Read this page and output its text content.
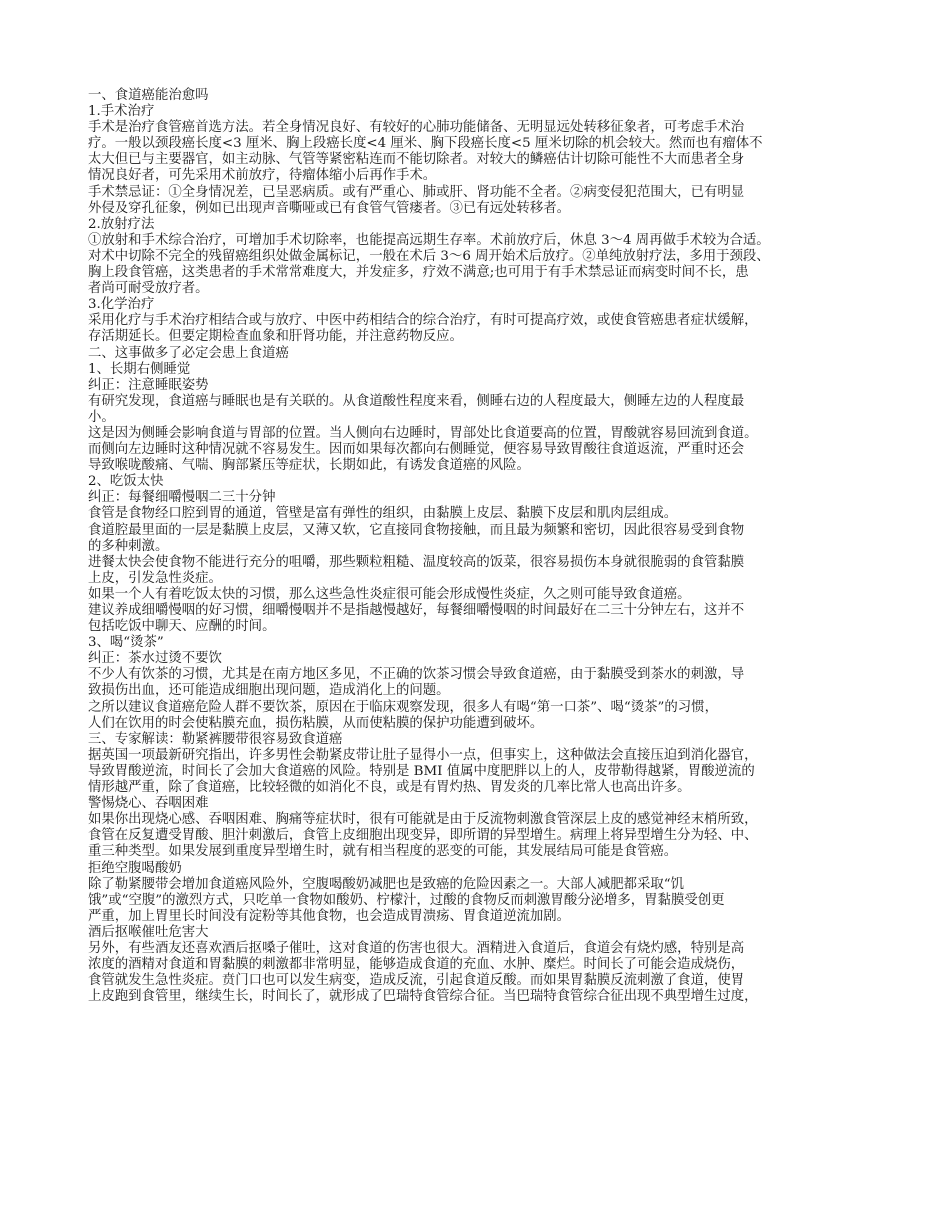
一、食道癌能治愈吗

1.手术治疗

手术是治疗食管癌首选方法。若全身情况良好、有较好的心肺功能储备、无明显远处转移征象者，可考虑手术治

疗。一般以颈段癌长度<3 厘米、胸上段癌长度<4 厘米、胸下段癌长度<5 厘米切除的机会较大。然而也有瘤体不

太大但已与主要器官，如主动脉、气管等紧密粘连而不能切除者。对较大的鳞癌估计切除可能性不大而患者全身

情况良好者，可先采用术前放疗，待瘤体缩小后再作手术。

手术禁忌证：①全身情况差，已呈恶病质。或有严重心、肺或肝、肾功能不全者。②病变侵犯范围大，已有明显

外侵及穿孔征象，例如已出现声音嘶哑或已有食管气管瘘者。③已有远处转移者。

2.放射疗法

①放射和手术综合治疗，可增加手术切除率，也能提高远期生存率。术前放疗后，休息 3～4 周再做手术较为合适。

对术中切除不完全的残留癌组织处做金属标记，一般在术后 3～6 周开始术后放疗。②单纯放射疗法，多用于颈段、

胸上段食管癌，这类患者的手术常常难度大，并发症多，疗效不满意;也可用于有手术禁忌证而病变时间不长，患

者尚可耐受放疗者。

3.化学治疗

采用化疗与手术治疗相结合或与放疗、中医中药相结合的综合治疗，有时可提高疗效，或使食管癌患者症状缓解，

存活期延长。但要定期检查血象和肝肾功能，并注意药物反应。

二、这事做多了必定会患上食道癌

1、长期右侧睡觉

纠正：注意睡眠姿势

有研究发现，食道癌与睡眠也是有关联的。从食道酸性程度来看，侧睡右边的人程度最大，侧睡左边的人程度最

小。

这是因为侧睡会影响食道与胃部的位置。当人侧向右边睡时，胃部处比食道要高的位置，胃酸就容易回流到食道。

而侧向左边睡时这种情况就不容易发生。因而如果每次都向右侧睡觉，便容易导致胃酸往食道返流，严重时还会

导致喉咙酸痛、气喘、胸部紧压等症状，长期如此，有诱发食道癌的风险。

2、吃饭太快

纠正：每餐细嚼慢咽二三十分钟

食管是食物经口腔到胃的通道，管壁是富有弹性的组织，由黏膜上皮层、黏膜下皮层和肌肉层组成。

食道腔最里面的一层是黏膜上皮层，又薄又软，它直接同食物接触，而且最为频繁和密切，因此很容易受到食物

的多种刺激。

进餐太快会使食物不能进行充分的咀嚼，那些颗粒粗糙、温度较高的饭菜，很容易损伤本身就很脆弱的食管黏膜

上皮，引发急性炎症。

如果一个人有着吃饭太快的习惯，那么这些急性炎症很可能会形成慢性炎症，久之则可能导致食道癌。

建议养成细嚼慢咽的好习惯，细嚼慢咽并不是指越慢越好，每餐细嚼慢咽的时间最好在二三十分钟左右，这并不

包括吃饭中聊天、应酬的时间。

3、喝“烫茶”

纠正：茶水过烫不要饮

不少人有饮茶的习惯，尤其是在南方地区多见，不正确的饮茶习惯会导致食道癌，由于黏膜受到茶水的刺激，导

致损伤出血，还可能造成细胞出现问题，造成消化上的问题。

之所以建议食道癌危险人群不要饮茶，原因在于临床观察发现，很多人有喝“第一口茶”、喝“烫茶”的习惯，

人们在饮用的时会使粘膜充血，损伤粘膜，从而使粘膜的保护功能遭到破坏。

三、专家解读：勒紧裤腰带很容易致食道癌

据英国一项最新研究指出，许多男性会勒紧皮带让肚子显得小一点，但事实上，这种做法会直接压迫到消化器官，

导致胃酸逆流，时间长了会加大食道癌的风险。特别是 BMI 值属中度肥胖以上的人，皮带勒得越紧，胃酸逆流的

情形越严重，除了食道癌，比较轻微的如消化不良，或是有胃灼热、胃发炎的几率比常人也高出许多。

警惕烧心、吞咽困难

如果你出现烧心感、吞咽困难、胸痛等症状时，很有可能就是由于反流物刺激食管深层上皮的感觉神经末梢所致，

食管在反复遭受胃酸、胆汁刺激后，食管上皮细胞出现变异，即所谓的异型增生。病理上将异型增生分为轻、中、

重三种类型。如果发展到重度异型增生时，就有相当程度的恶变的可能，其发展结局可能是食管癌。

拒绝空腹喝酸奶

除了勒紧腰带会增加食道癌风险外，空腹喝酸奶减肥也是致癌的危险因素之一。大部人减肥都采取“饥

饿”或“空腹”的激烈方式，只吃单一食物如酸奶、柠檬汁，过酸的食物反而刺激胃酸分泌增多，胃黏膜受创更

严重，加上胃里长时间没有淀粉等其他食物，也会造成胃溃疡、胃食道逆流加剧。

酒后抠喉催吐危害大

另外，有些酒友还喜欢酒后抠嗓子催吐，这对食道的伤害也很大。酒精进入食道后，食道会有烧灼感，特别是高

浓度的酒精对食道和胃黏膜的刺激都非常明显，能够造成食道的充血、水肿、糜烂。时间长了可能会造成烧伤，

食管就发生急性炎症。贲门口也可以发生病变，造成反流，引起食道反酸。而如果胃黏膜反流刺激了食道，使胃

上皮跑到食管里，继续生长，时间长了，就形成了巴瑞特食管综合征。当巴瑞特食管综合征出现不典型增生过度，
